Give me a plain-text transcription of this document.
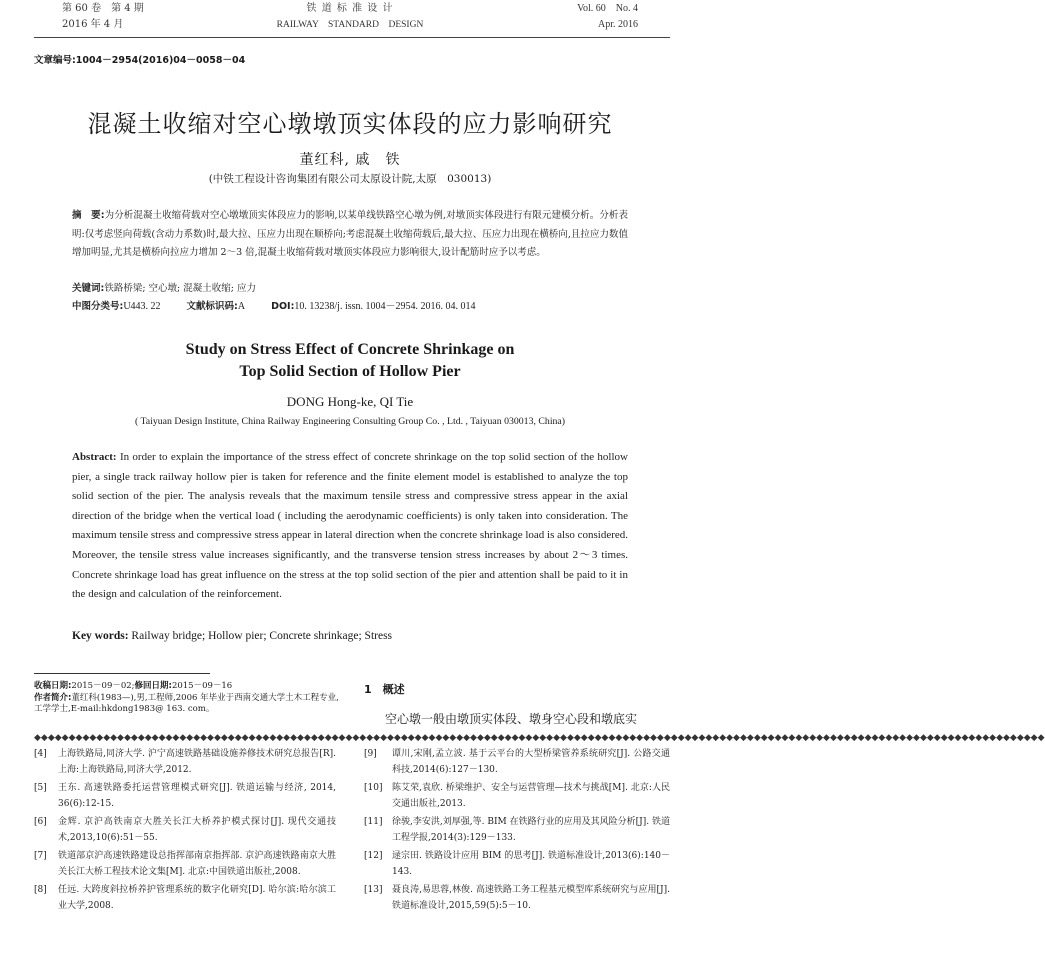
第 60 卷　第 4 期
2016 年 4 月
铁 道 标 准 设 计
RAILWAY　STANDARD　DESIGN
Vol. 60　No. 4
Apr. 2016
文章编号:1004－2954(2016)04－0058－04
混凝土收缩对空心墩墩顶实体段的应力影响研究
董红科, 戚　铁
(中铁工程设计咨询集团有限公司太原设计院,太原　030013)
摘　要:为分析混凝土收缩荷载对空心墩墩顶实体段应力的影响,以某单线铁路空心墩为例,对墩顶实体段进行有限元建模分析。分析表明:仅考虑竖向荷载(含动力系数)时,最大拉、压应力出现在顺桥向;考虑混凝土收缩荷载后,最大拉、压应力出现在横桥向,且拉应力数值增加明显,尤其是横桥向拉应力增加 2～3 倍,混凝土收缩荷载对墩顶实体段应力影响很大,设计配筋时应予以考虑。
关键词:铁路桥梁; 空心墩; 混凝土收缩; 应力
中图分类号:U443. 22	文献标识码:A	DOI:10. 13238/j. issn. 1004－2954. 2016. 04. 014
Study on Stress Effect of Concrete Shrinkage on
Top Solid Section of Hollow Pier
DONG Hong-ke, QI Tie
( Taiyuan Design Institute, China Railway Engineering Consulting Group Co. , Ltd. , Taiyuan 030013, China)
Abstract: In order to explain the importance of the stress effect of concrete shrinkage on the top solid section of the hollow pier, a single track railway hollow pier is taken for reference and the finite element model is established to analyze the top solid section of the pier. The analysis reveals that the maximum tensile stress and compressive stress appear in the axial direction of the bridge when the vertical load ( including the aerodynamic coefficients) is only taken into consideration. The maximum tensile stress and compressive stress appear in lateral direction when the concrete shrinkage load is also considered. Moreover, the tensile stress value increases significantly, and the transverse tension stress increases by about 2～3 times. Concrete shrinkage load has great influence on the stress at the top solid section of the pier and attention shall be paid to it in the design and calculation of the reinforcement.
Key words: Railway bridge; Hollow pier; Concrete shrinkage; Stress
收稿日期:2015－09－02;修回日期:2015－09－16
作者简介:董红科(1983—),男,工程师,2006 年毕业于西南交通大学土木工程专业,工学学士,E-mail:hkdong1983@ 163. com。
1　概述
空心墩一般由墩顶实体段、墩身空心段和墩底实
◆◆◆◆◆◆◆◆◆◆◆◆◆◆◆◆◆◆◆◆◆◆◆◆◆◆◆◆◆◆◆◆◆◆◆◆◆◆◆◆◆◆◆◆◆◆◆◆◆◆◆◆◆◆◆◆◆◆◆◆◆◆◆◆◆◆◆◆◆◆◆◆◆◆◆◆◆◆◆◆◆◆◆◆◆◆◆◆◆◆◆◆◆◆◆◆◆◆◆◆◆◆◆◆◆◆◆◆◆◆◆◆◆◆◆◆◆◆◆◆◆◆◆◆◆◆◆◆◆◆◆◆◆◆◆◆◆◆◆◆◆◆◆◆◆◆
[4]	上海铁路局,同济大学. 沪宁高速铁路基础设施养修技术研究总报告[R]. 上海:上海铁路局,同济大学,2012.
[5]	王东. 高速铁路委托运营管理模式研究[J]. 铁道运输与经济, 2014, 36(6):12-15.
[6]	金辉. 京沪高铁南京大胜关长江大桥养护模式探讨[J]. 现代交通技术,2013,10(6):51－55.
[7]	铁道部京沪高速铁路建设总指挥部南京指挥部. 京沪高速铁路南京大胜关长江大桥工程技术论文集[M]. 北京:中国铁道出版社,2008.
[8]	任远. 大跨度斜拉桥养护管理系统的数字化研究[D]. 哈尔滨:哈尔滨工业大学,2008.
[9]	谭川,宋刚,孟立波. 基于云平台的大型桥梁管养系统研究[J]. 公路交通科技,2014(6):127－130.
[10]	陈艾荣,袁欣. 桥梁维护、安全与运营管理—技术与挑战[M]. 北京:人民交通出版社,2013.
[11]	徐骏,李安洪,刘厚强,等. BIM 在铁路行业的应用及其风险分析[J]. 铁道工程学报,2014(3):129－133.
[12]	逯宗田. 铁路设计应用 BIM 的思考[J]. 铁道标准设计,2013(6):140－143.
[13]	聂良涛,易思蓉,林俊. 高速铁路工务工程基元模型库系统研究与应用[J]. 铁道标准设计,2015,59(5):5－10.
